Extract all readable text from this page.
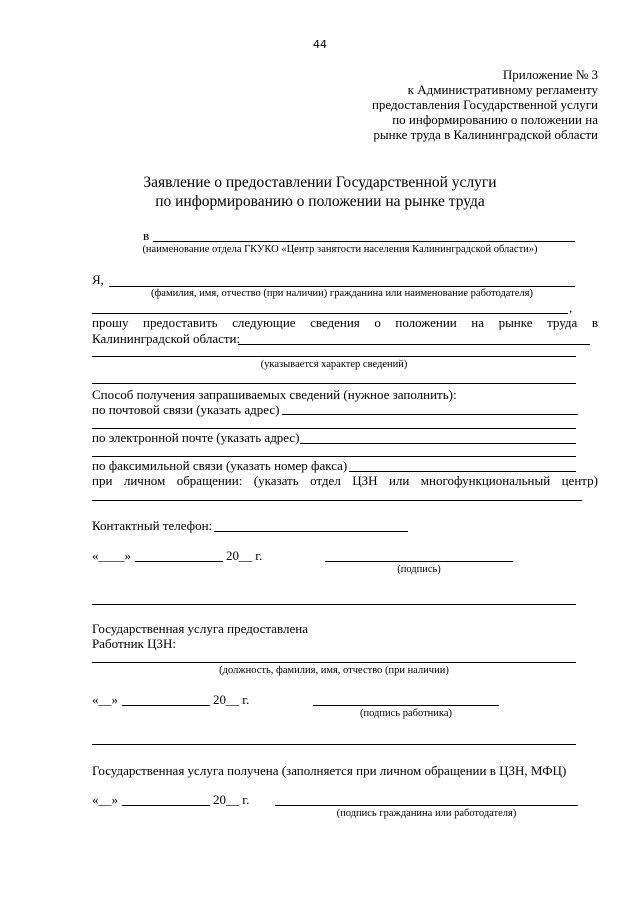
44
Приложение № 3
к Административному регламенту
предоставления Государственной услуги
по информированию о положении на
рынке труда в Калининградской области
Заявление о предоставлении Государственной услуги
по информированию о положении на рынке труда
в
(наименование отдела ГКУКО «Центр занятости населения Калининградской области»)
Я,
(фамилия, имя, отчество (при наличии) гражданина или наименование работодателя)
,
прошу предоставить следующие сведения о положении на рынке труда в
Калининградской области:
(указывается характер сведений)
Способ получения запрашиваемых сведений (нужное заполнить):
по почтовой связи (указать адрес)
по электронной почте (указать адрес)
по факсимильной связи (указать номер факса)
при личном обращении: (указать отдел ЦЗН или многофункциональный центр)
Контактный телефон:
«____»	20__ г.
(подпись)
Государственная услуга предоставлена
Работник ЦЗН:
(должность, фамилия, имя, отчество (при наличии)
«__»	20__ г.
(подпись работника)
Государственная услуга получена (заполняется при личном обращении в ЦЗН, МФЦ)
«__»	20__ г.
(подпись гражданина или работодателя)
